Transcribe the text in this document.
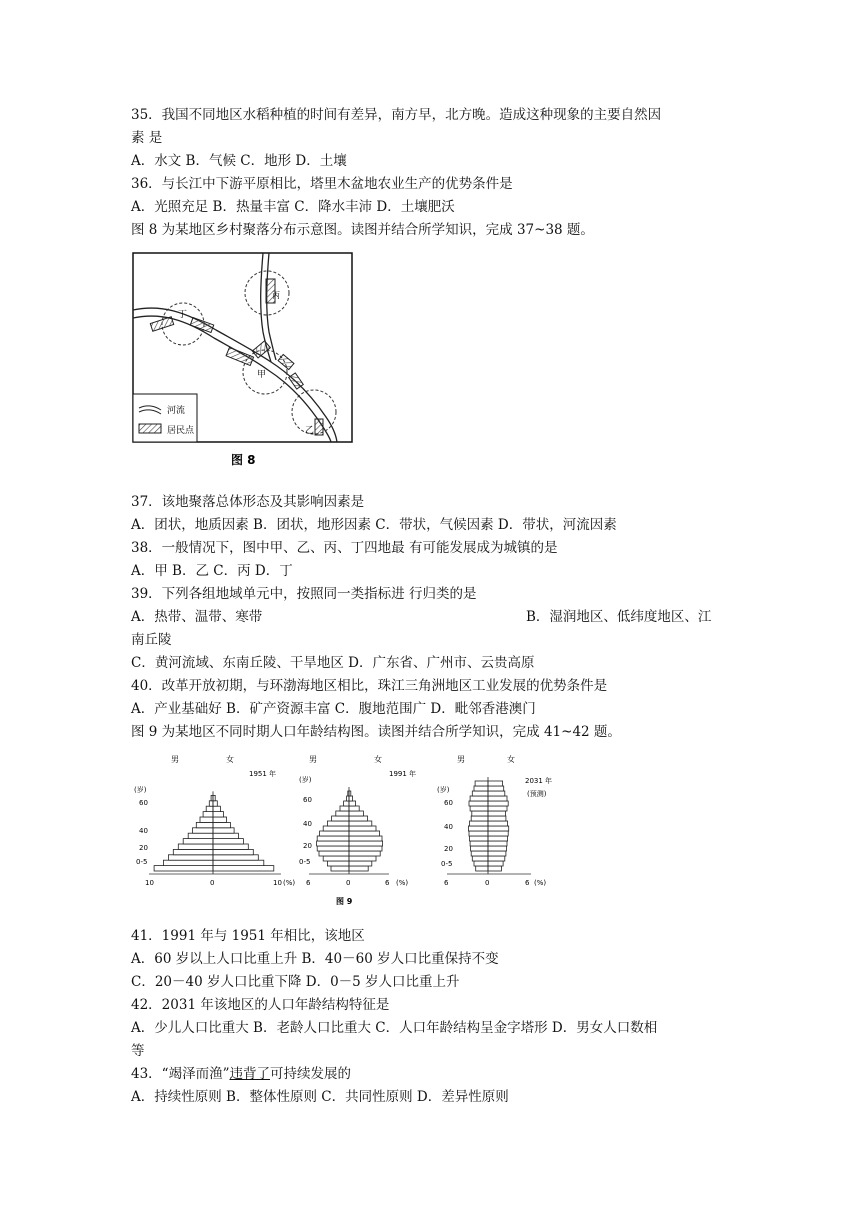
35．我国不同地区水稻种植的时间有差异，南方早，北方晚。造成这种现象的主要自然因
素 是
A．水文 B．气候 C．地形 D．土壤
36．与长江中下游平原相比，塔里木盆地农业生产的优势条件是
A．光照充足 B．热量丰富 C．降水丰沛 D．土壤肥沃
图 8 为某地区乡村聚落分布示意图。读图并结合所学知识，完成 37~38 题。
丁
丙
甲
乙
河流
居民点
图 8
37．该地聚落总体形态及其影响因素是
A．团状，地质因素 B．团状，地形因素 C．带状，气候因素 D．带状，河流因素
38．一般情况下，图中甲、乙、丙、丁四地最 有可能发展成为城镇的是
A．甲 B．乙 C．丙 D．丁
39．下列各组地域单元中，按照同一类指标进 行归类的是
A．热带、温带、寒带	B．湿润地区、低纬度地区、江
南丘陵
C．黄河流域、东南丘陵、干旱地区 D．广东省、广州市、云贵高原
40．改革开放初期，与环渤海地区相比，珠江三角洲地区工业发展的优势条件是
A．产业基础好 B．矿产资源丰富 C．腹地范围广 D．毗邻香港澳门
图 9 为某地区不同时期人口年龄结构图。读图并结合所学知识，完成 41~42 题。
男	女
1951 年
(岁)
60
40
20
0-5
10	0	10 (%)
男	女
1991 年
(岁)
60
40
20
0-5
6	0	6 (%)
男	女
2031 年
(预测)
(岁)
60
40
20
0-5
6	0	6 (%)
图 9
41．1991 年与 1951 年相比，该地区
A．60 岁以上人口比重上升 B．40－60 岁人口比重保持不变
C．20－40 岁人口比重下降 D．0－5 岁人口比重上升
42．2031 年该地区的人口年龄结构特征是
A．少儿人口比重大 B．老龄人口比重大 C．人口年龄结构呈金字塔形 D．男女人口数相
等
43．“竭泽而渔”违背了可持续发展的
A．持续性原则 B．整体性原则 C．共同性原则 D．差异性原则
